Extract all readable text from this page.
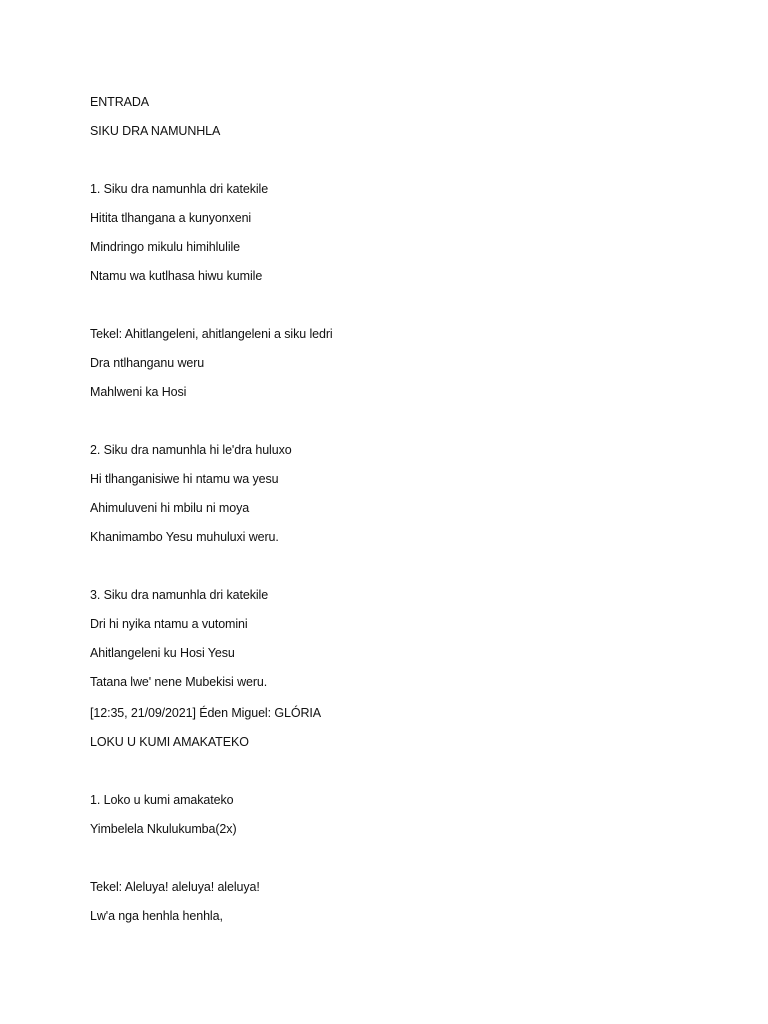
ENTRADA
SIKU DRA NAMUNHLA
1. Siku dra namunhla dri katekile
Hitita tlhangana a kunyonxeni
Mindringo mikulu himihlulile
Ntamu wa kutlhasa hiwu kumile
Tekel: Ahitlangeleni, ahitlangeleni a siku ledri
Dra ntlhanganu weru
Mahlweni ka Hosi
2. Siku dra namunhla hi le'dra huluxo
Hi tlhanganisiwe hi ntamu wa yesu
Ahimuluveni hi mbilu ni moya
Khanimambo Yesu muhuluxi weru.
3. Siku dra namunhla dri katekile
Dri hi nyika ntamu a vutomini
Ahitlangeleni ku Hosi Yesu
Tatana lwe' nene Mubekisi weru.
[12:35, 21/09/2021] Éden Miguel: GLÓRIA
LOKU U KUMI AMAKATEKO
1. Loko u kumi amakateko
Yimbelela Nkulukumba(2x)
Tekel: Aleluya! aleluya! aleluya!
Lw'a nga henhla henhla,
